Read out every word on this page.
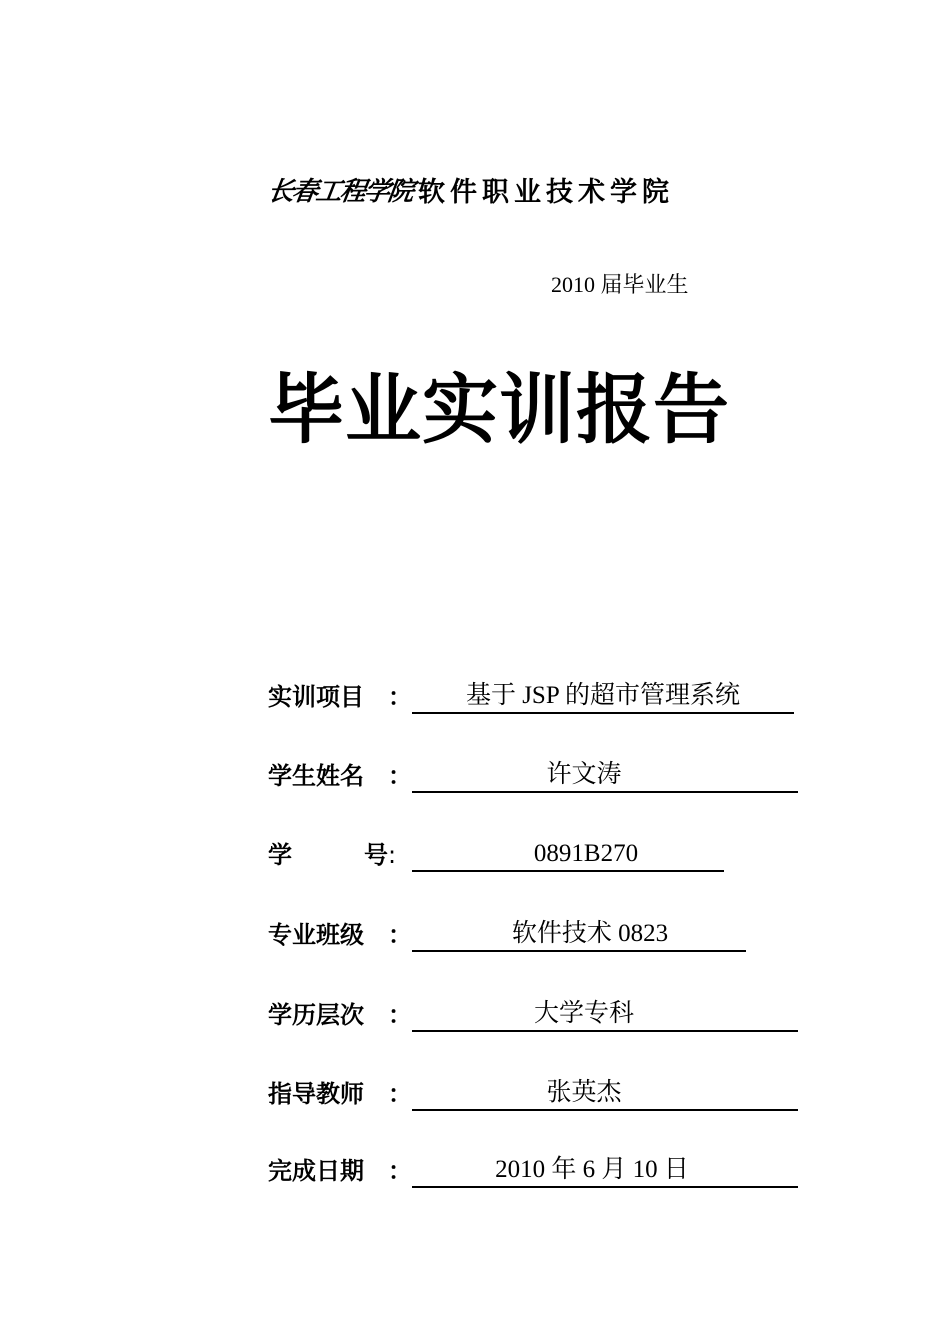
长春工程学院 软件职业技术学院
2010 届毕业生
毕业实训报告
实训项目 ：	基于 JSP 的超市管理系统
学生姓名 ：	许文涛
学	号 :	0891B270
专业班级 ：	软件技术 0823
学历层次 ：	大学专科
指导教师 ：	张英杰
完成日期 ：	2010 年 6 月 10 日
